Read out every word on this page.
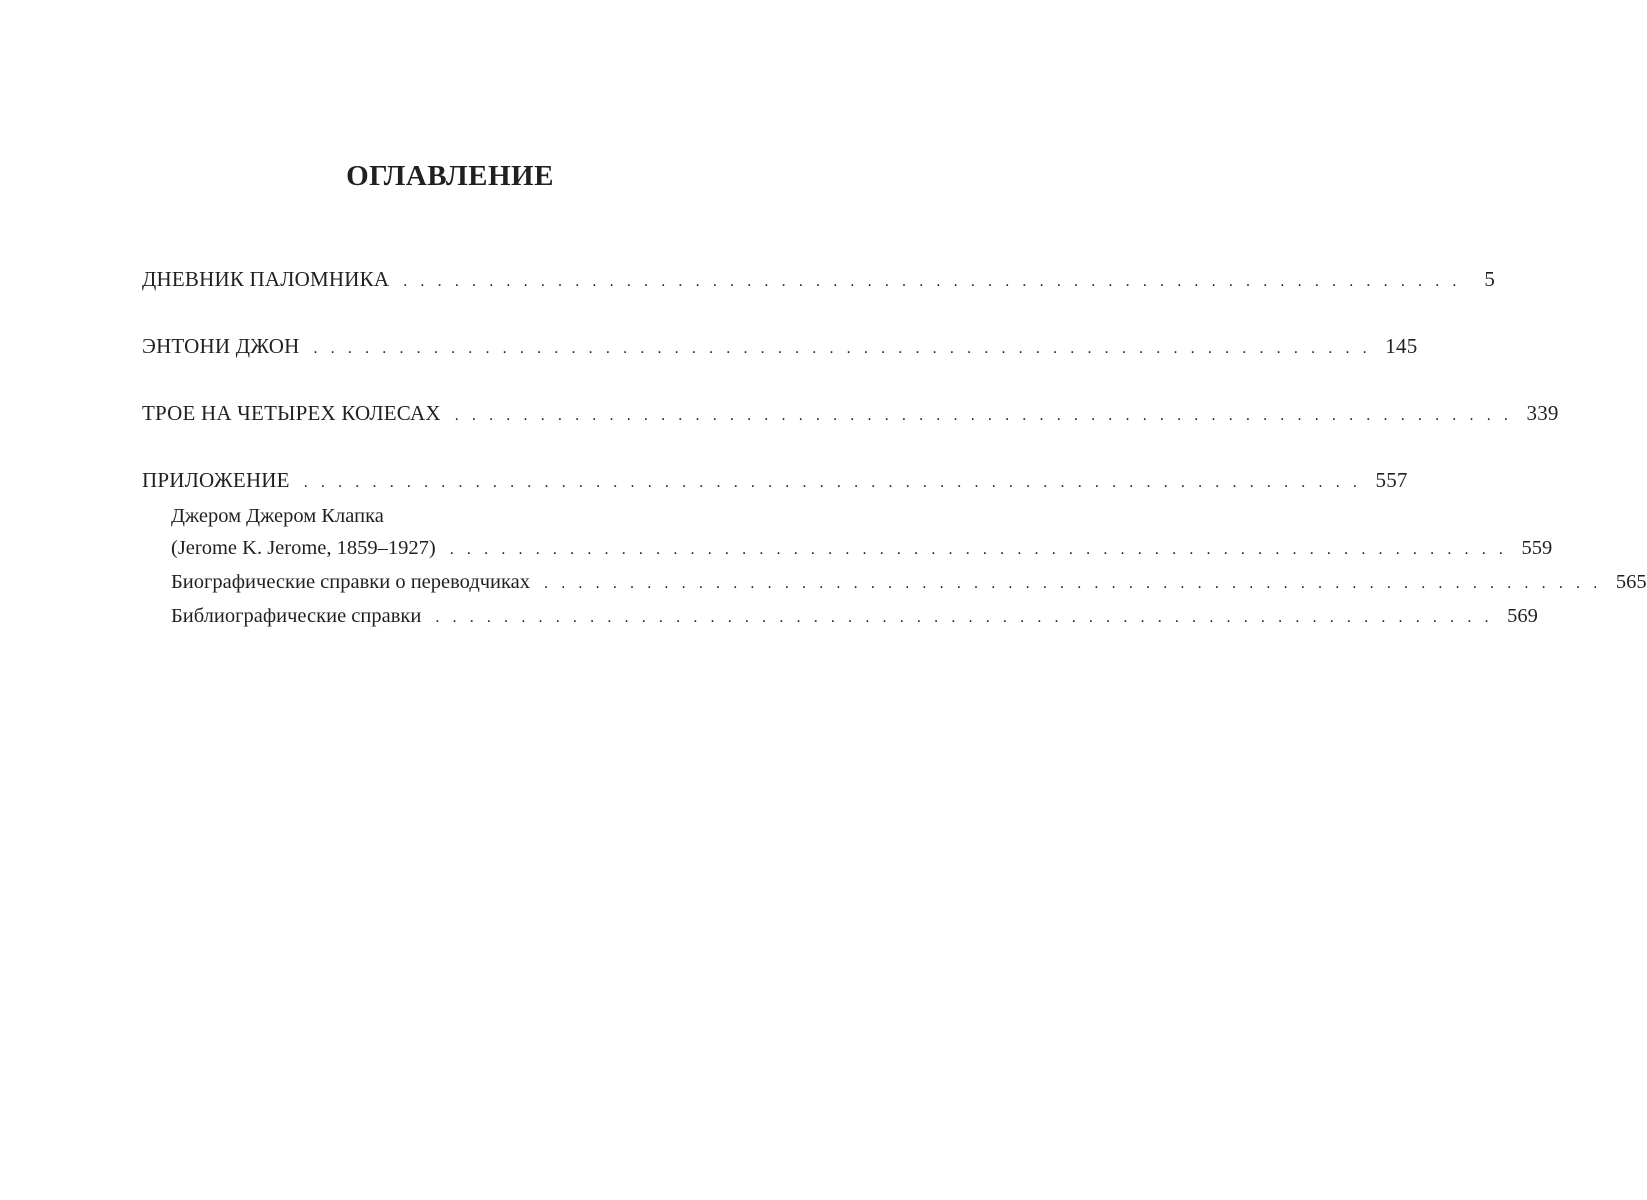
ОГЛАВЛЕНИЕ
ДНЕВНИК ПАЛОМНИКА . . . . . . . . . . . . . . . . . . . . . . . . . . . . . . . . . . . . . . . . . . . . . . . . . . . . . . . . . . . . . .	5
ЭНТОНИ ДЖОН . . . . . . . . . . . . . . . . . . . . . . . . . . . . . . . . . . . . . . . . . . . . . . . . . . . . . . . . . . . . . . 145
ТРОЕ НА ЧЕТЫРЕХ КОЛЕСАХ . . . . . . . . . . . . . . . . . . . . . . . . . . . . . . . . . . . . . . . . . . . . . . . . . . . . . . . . . . . . . . 339
ПРИЛОЖЕНИЕ . . . . . . . . . . . . . . . . . . . . . . . . . . . . . . . . . . . . . . . . . . . . . . . . . . . . . . . . . . . . . . 557
Джером Джером Клапка
(Jerome K. Jerome, 1859–1927) . . . . . . . . . . . . . . . . . . . . . . . . . . . . . . . . . . . . . . . . . . . . . . . . . . . . . . . . . . . . . . 559
Биографические справки о переводчиках . . . . . . . . . . . . . . . . . . . . . . . . . . . . . . . . . . . . . . . . . . . . . . . . . . . . . . . . . . . . . . 565
Библиографические справки . . . . . . . . . . . . . . . . . . . . . . . . . . . . . . . . . . . . . . . . . . . . . . . . . . . . . . . . . . . . . . 569
